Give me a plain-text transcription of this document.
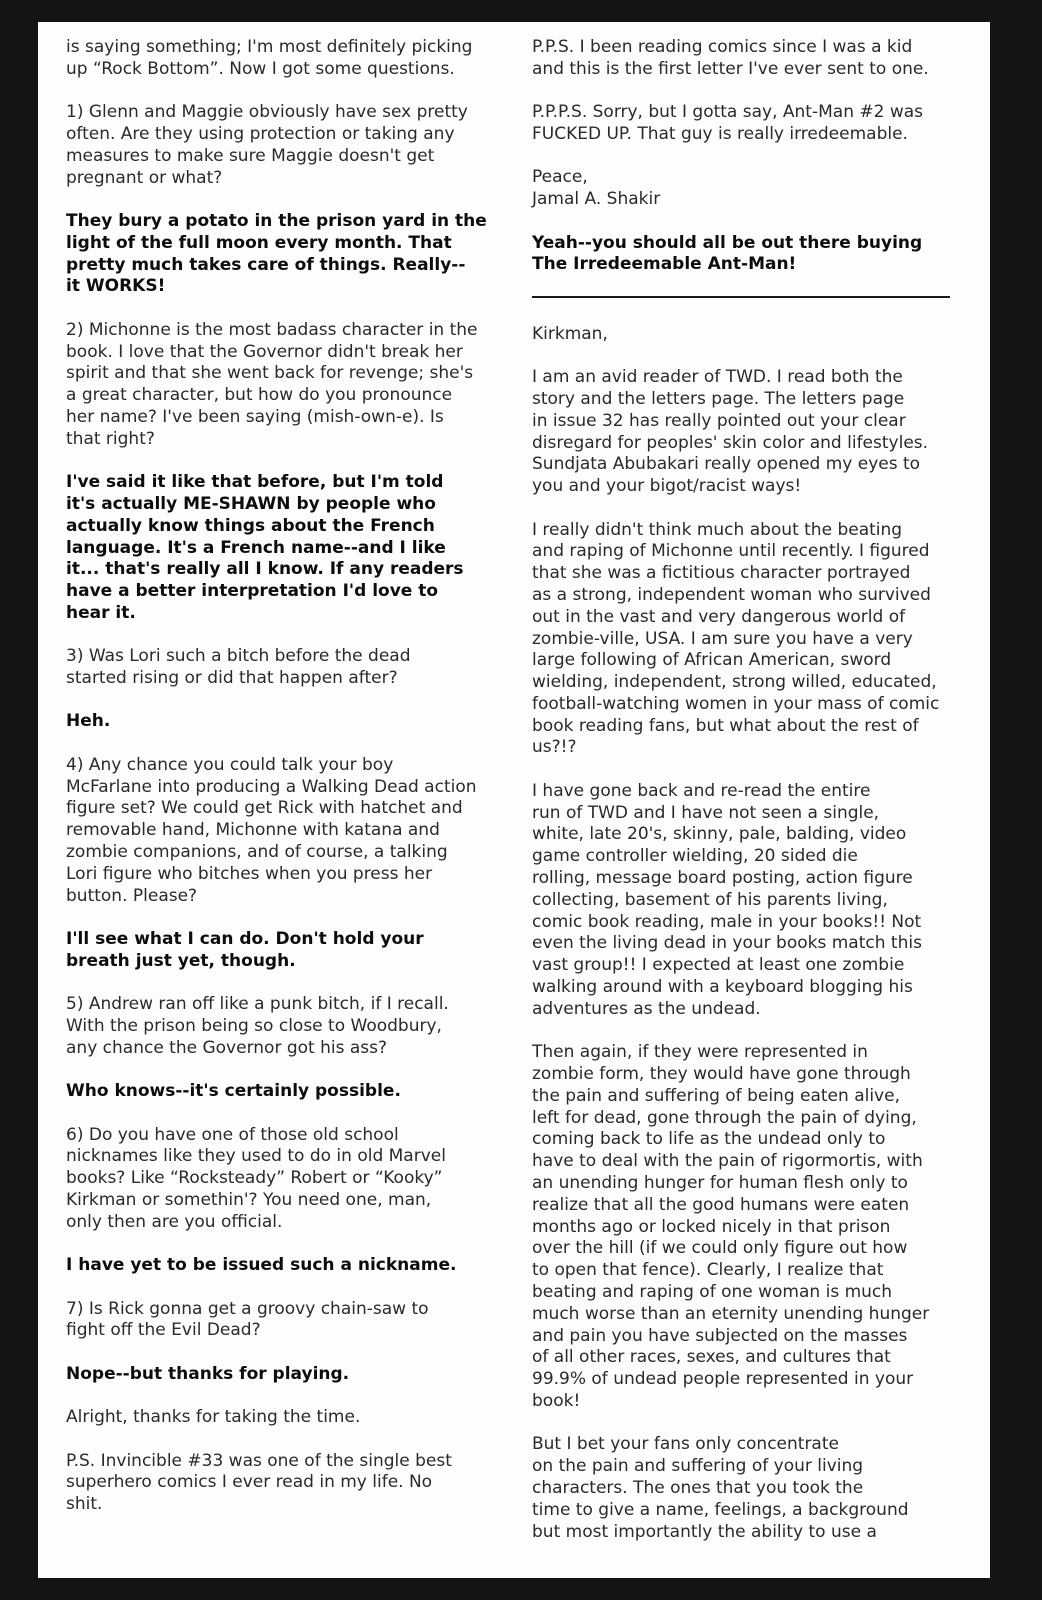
is saying something; I'm most definitely picking
up “Rock Bottom”. Now I got some questions.

1) Glenn and Maggie obviously have sex pretty
often. Are they using protection or taking any
measures to make sure Maggie doesn't get
pregnant or what?

They bury a potato in the prison yard in the
light of the full moon every month. That
pretty much takes care of things. Really--
it WORKS!

2) Michonne is the most badass character in the
book. I love that the Governor didn't break her
spirit and that she went back for revenge; she's
a great character, but how do you pronounce
her name? I've been saying (mish-own-e). Is
that right?

I've said it like that before, but I'm told
it's actually ME-SHAWN by people who
actually know things about the French
language. It's a French name--and I like
it... that's really all I know. If any readers
have a better interpretation I'd love to
hear it.

3) Was Lori such a bitch before the dead
started rising or did that happen after?

Heh.

4) Any chance you could talk your boy
McFarlane into producing a Walking Dead action
figure set? We could get Rick with hatchet and
removable hand, Michonne with katana and
zombie companions, and of course, a talking
Lori figure who bitches when you press her
button. Please?

I'll see what I can do. Don't hold your
breath just yet, though.

5) Andrew ran off like a punk bitch, if I recall.
With the prison being so close to Woodbury,
any chance the Governor got his ass?

Who knows--it's certainly possible.

6) Do you have one of those old school
nicknames like they used to do in old Marvel
books? Like “Rocksteady” Robert or “Kooky”
Kirkman or somethin'? You need one, man,
only then are you official.

I have yet to be issued such a nickname.

7) Is Rick gonna get a groovy chain-saw to
fight off the Evil Dead?

Nope--but thanks for playing.

Alright, thanks for taking the time.

P.S. Invincible #33 was one of the single best
superhero comics I ever read in my life. No
shit.

P.P.S. I been reading comics since I was a kid
and this is the first letter I've ever sent to one.

P.P.P.S. Sorry, but I gotta say, Ant-Man #2 was
FUCKED UP. That guy is really irredeemable.

Peace,
Jamal A. Shakir

Yeah--you should all be out there buying
The Irredeemable Ant-Man!

Kirkman,

I am an avid reader of TWD. I read both the
story and the letters page. The letters page
in issue 32 has really pointed out your clear
disregard for peoples' skin color and lifestyles.
Sundjata Abubakari really opened my eyes to
you and your bigot/racist ways!

I really didn't think much about the beating
and raping of Michonne until recently. I figured
that she was a fictitious character portrayed
as a strong, independent woman who survived
out in the vast and very dangerous world of
zombie-ville, USA. I am sure you have a very
large following of African American, sword
wielding, independent, strong willed, educated,
football-watching women in your mass of comic
book reading fans, but what about the rest of
us?!?

I have gone back and re-read the entire
run of TWD and I have not seen a single,
white, late 20's, skinny, pale, balding, video
game controller wielding, 20 sided die
rolling, message board posting, action figure
collecting, basement of his parents living,
comic book reading, male in your books!! Not
even the living dead in your books match this
vast group!! I expected at least one zombie
walking around with a keyboard blogging his
adventures as the undead.

Then again, if they were represented in
zombie form, they would have gone through
the pain and suffering of being eaten alive,
left for dead, gone through the pain of dying,
coming back to life as the undead only to
have to deal with the pain of rigormortis, with
an unending hunger for human flesh only to
realize that all the good humans were eaten
months ago or locked nicely in that prison
over the hill (if we could only figure out how
to open that fence). Clearly, I realize that
beating and raping of one woman is much
much worse than an eternity unending hunger
and pain you have subjected on the masses
of all other races, sexes, and cultures that
99.9% of undead people represented in your
book!

But I bet your fans only concentrate
on the pain and suffering of your living
characters. The ones that you took the
time to give a name, feelings, a background
but most importantly the ability to use a
